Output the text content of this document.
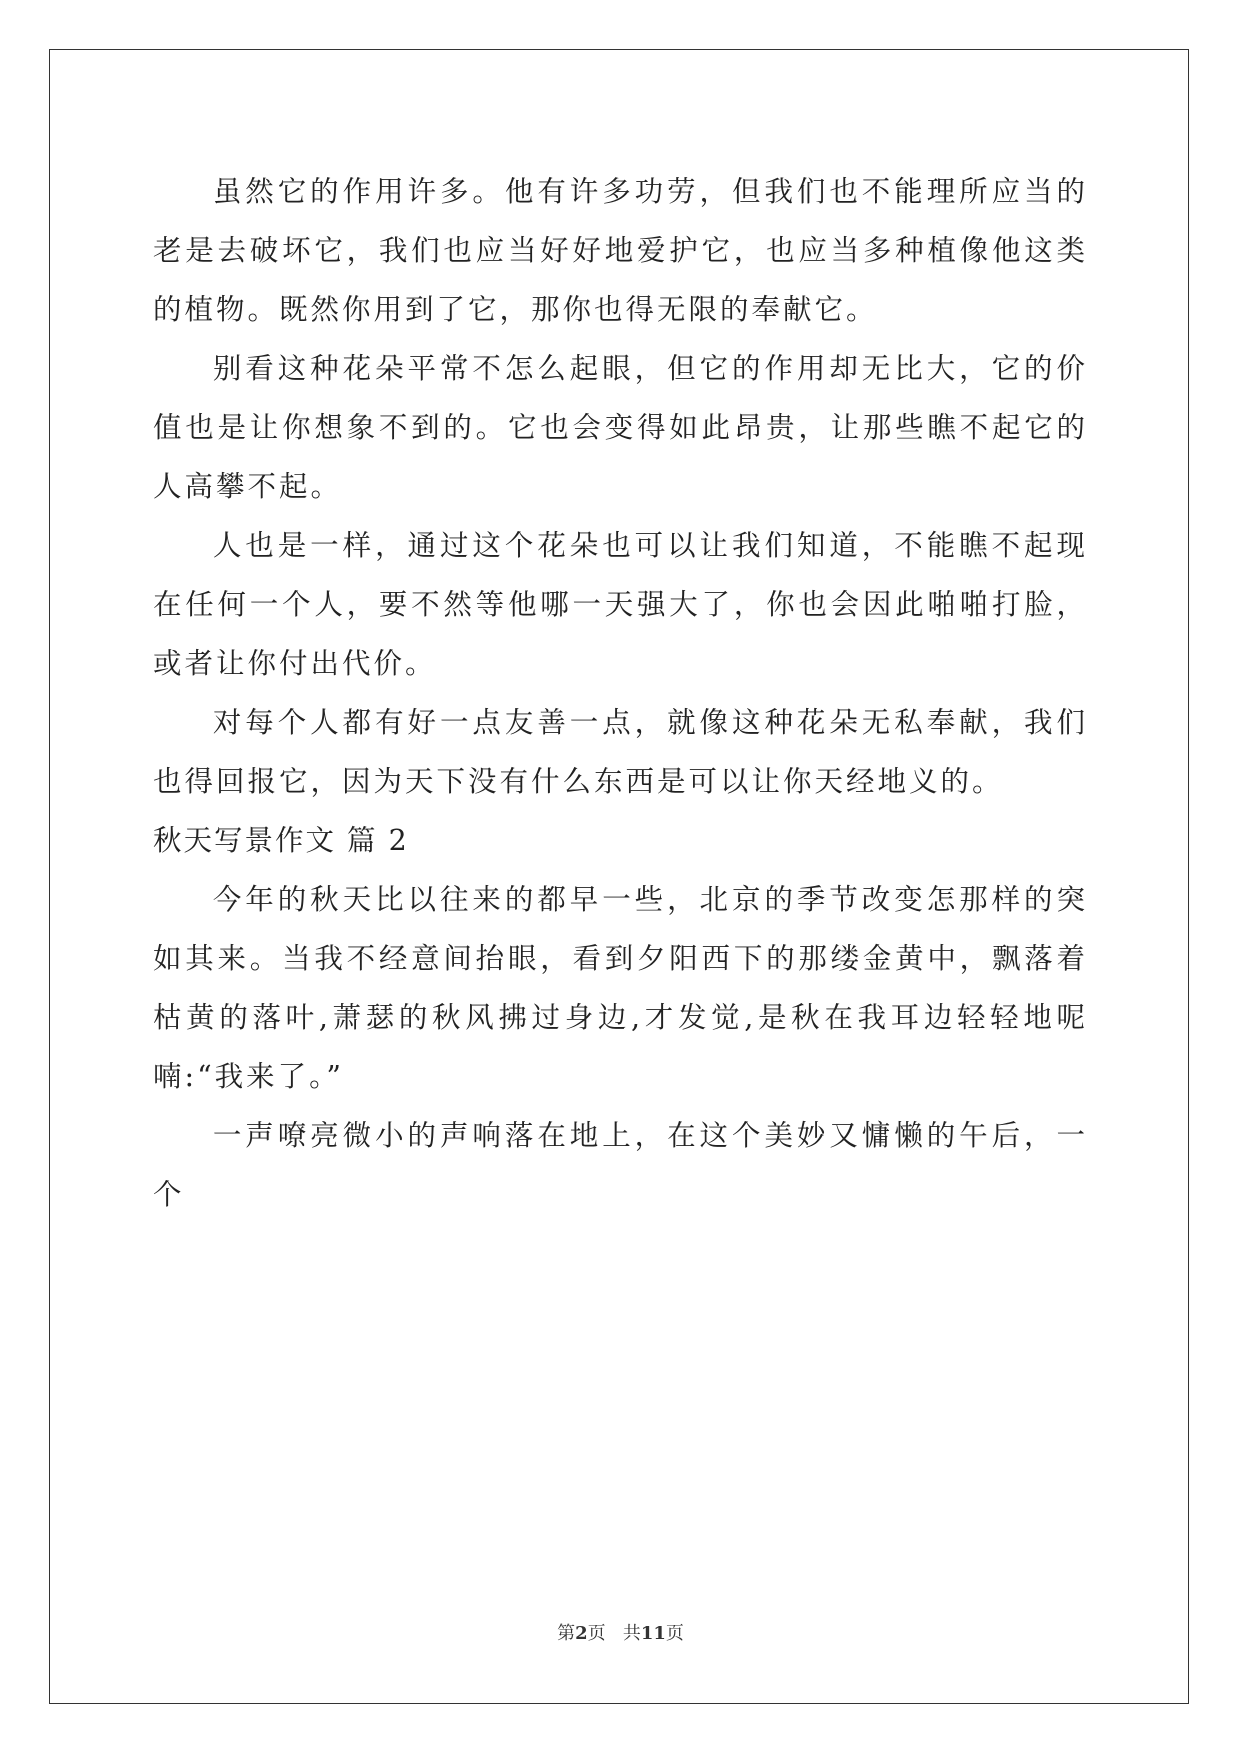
虽然它的作用许多。他有许多功劳，但我们也不能理所应当的老是去破坏它，我们也应当好好地爱护它，也应当多种植像他这类的植物。既然你用到了它，那你也得无限的奉献它。

别看这种花朵平常不怎么起眼，但它的作用却无比大，它的价值也是让你想象不到的。它也会变得如此昂贵，让那些瞧不起它的人高攀不起。

人也是一样，通过这个花朵也可以让我们知道，不能瞧不起现在任何一个人，要不然等他哪一天强大了，你也会因此啪啪打脸，或者让你付出代价。

对每个人都有好一点友善一点，就像这种花朵无私奉献，我们也得回报它，因为天下没有什么东西是可以让你天经地义的。

秋天写景作文 篇 2

今年的秋天比以往来的都早一些，北京的季节改变怎那样的突如其来。当我不经意间抬眼，看到夕阳西下的那缕金黄中，飘落着枯黄的落叶,萧瑟的秋风拂过身边,才发觉,是秋在我耳边轻轻地呢喃:“我来了。”

一声嘹亮微小的声响落在地上，在这个美妙又慵懒的午后，一个

第2页 共11页
